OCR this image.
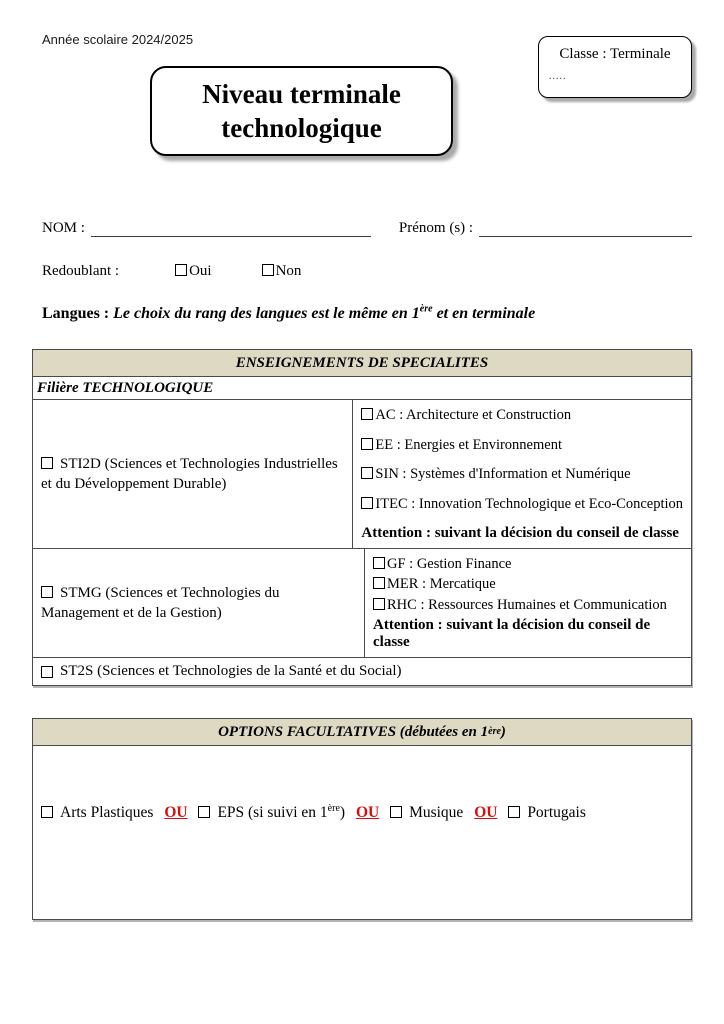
Année scolaire 2024/2025
Classe : Terminale
.....
Niveau terminale
technologique
NOM :	Prénom (s) :
Redoublant :	Oui	Non
Langues : Le choix du rang des langues est le même en 1ère et en terminale
ENSEIGNEMENTS DE SPECIALITES
Filière TECHNOLOGIQUE
STI2D (Sciences et Technologies Industrielles et du Développement Durable)
AC : Architecture et Construction
EE : Energies et Environnement
SIN : Systèmes d'Information et Numérique
ITEC : Innovation Technologique et Eco-Conception
Attention : suivant la décision du conseil de classe
STMG (Sciences et Technologies du Management et de la Gestion)
GF : Gestion Finance
MER : Mercatique
RHC : Ressources Humaines et Communication
Attention : suivant la décision du conseil de classe
ST2S (Sciences et Technologies de la Santé et du Social)
OPTIONS FACULTATIVES (débutées en 1 ère )
Arts Plastiques OU EPS (si suivi en 1ère) OU Musique OU Portugais
